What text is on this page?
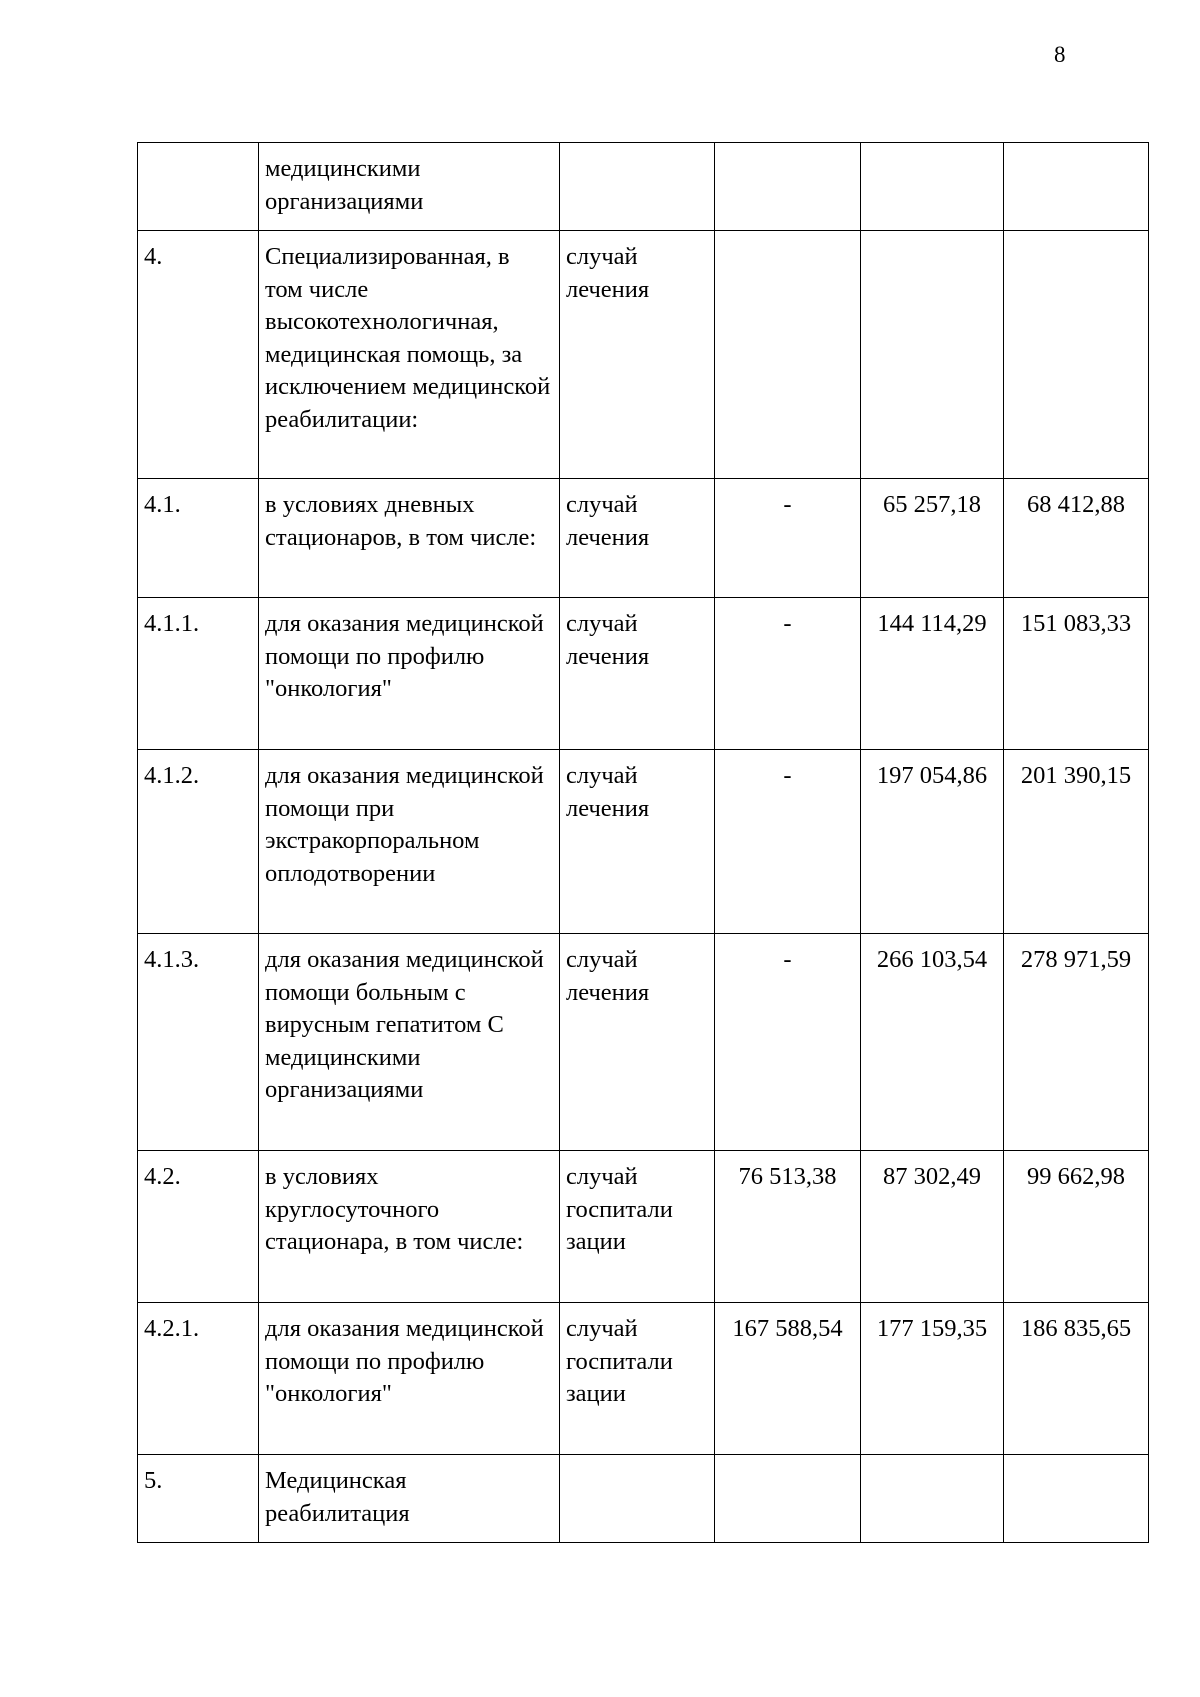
8
	медицинскими организациями				
4.	Специализированная, в том числе высокотехнологичная, медицинская помощь, за исключением медицинской реабилитации:	случай лечения			
4.1.	в условиях дневных стационаров, в том числе:	случай лечения	-	65 257,18	68 412,88
4.1.1.	для оказания медицинской помощи по профилю "онкология"	случай лечения	-	144 114,29	151 083,33
4.1.2.	для оказания медицинской помощи при экстракорпоральном оплодотворении	случай лечения	-	197 054,86	201 390,15
4.1.3.	для оказания медицинской помощи больным с вирусным гепатитом С медицинскими организациями	случай лечения	-	266 103,54	278 971,59
4.2.	в условиях круглосуточного стационара, в том числе:	случай госпитали зации	76 513,38	87 302,49	99 662,98
4.2.1.	для оказания медицинской помощи по профилю "онкология"	случай госпитали зации	167 588,54	177 159,35	186 835,65
5.	Медицинская реабилитация				
